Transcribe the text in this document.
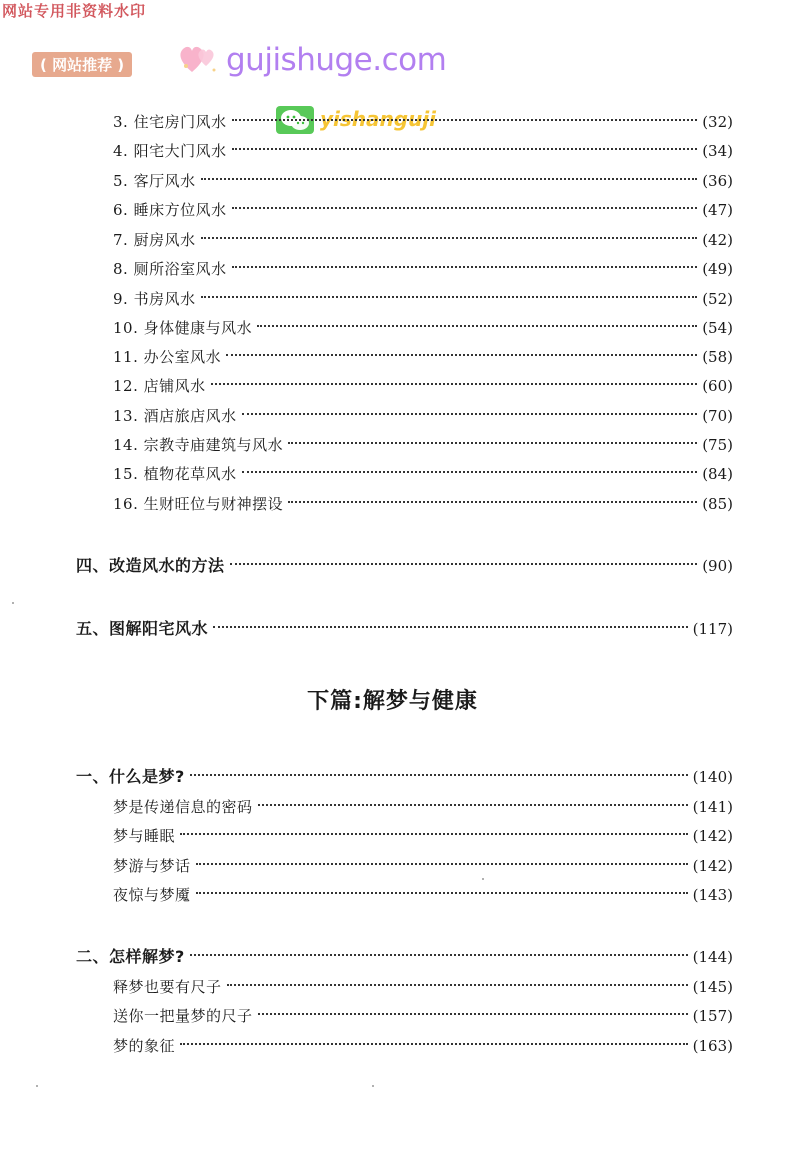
网站专用非资料水印
( 网站推荐 )	gujishuge.com
yishanguji
3. 住宅房门风水	(32)
4. 阳宅大门风水	(34)
5. 客厅风水	(36)
6. 睡床方位风水	(47)
7. 厨房风水	(42)
8. 厕所浴室风水	(49)
9. 书房风水	(52)
10. 身体健康与风水	(54)
11. 办公室风水	(58)
12. 店铺风水	(60)
13. 酒店旅店风水	(70)
14. 宗教寺庙建筑与风水	(75)
15. 植物花草风水	(84)
16. 生财旺位与财神摆设	(85)
四、改造风水的方法	(90)
五、图解阳宅风水	(117)
下篇:解梦与健康
一、什么是梦?	(140)
梦是传递信息的密码	(141)
梦与睡眠	(142)
梦游与梦话	(142)
夜惊与梦魇	(143)
二、怎样解梦?	(144)
释梦也要有尺子	(145)
送你一把量梦的尺子	(157)
梦的象征	(163)
